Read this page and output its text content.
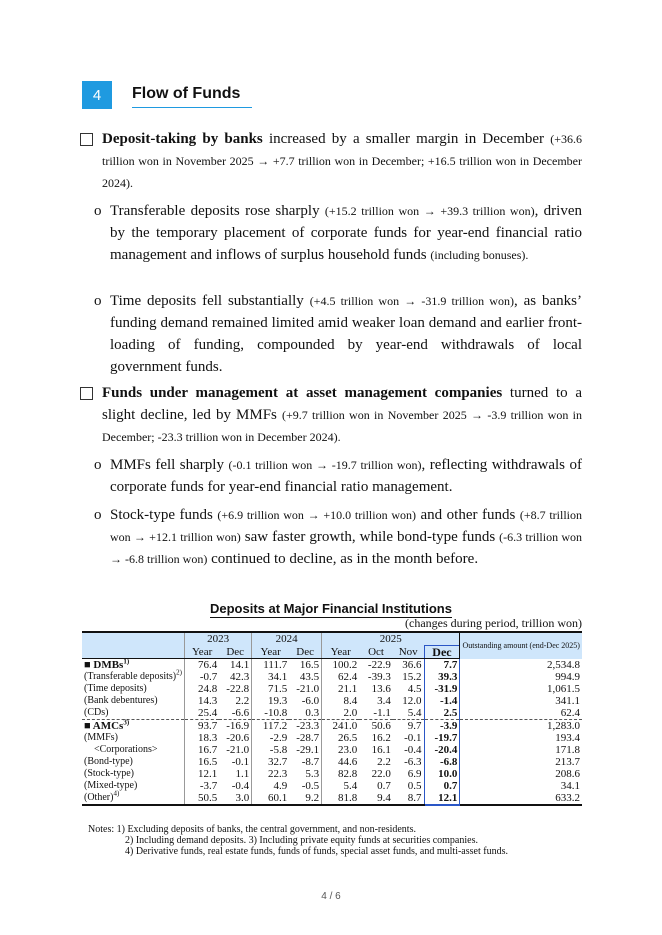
4	Flow of Funds
Deposit-taking by banks increased by a smaller margin in December (+36.6 trillion won in November 2025 → +7.7 trillion won in December; +16.5 trillion won in December 2024).
o Transferable deposits rose sharply (+15.2 trillion won → +39.3 trillion won), driven by the temporary placement of corporate funds for year-end financial ratio management and inflows of surplus household funds (including bonuses).
o Time deposits fell substantially (+4.5 trillion won → -31.9 trillion won), as banks’ funding demand remained limited amid weaker loan demand and earlier front-loading of funding, compounded by year-end withdrawals of local government funds.
Funds under management at asset management companies turned to a slight decline, led by MMFs (+9.7 trillion won in November 2025 → -3.9 trillion won in December; -23.3 trillion won in December 2024).
o MMFs fell sharply (-0.1 trillion won → -19.7 trillion won), reflecting withdrawals of corporate funds for year-end financial ratio management.
o Stock-type funds (+6.9 trillion won → +10.0 trillion won) and other funds (+8.7 trillion won → +12.1 trillion won) saw faster growth, while bond-type funds (-6.3 trillion won → -6.8 trillion won) continued to decline, as in the month before.
Deposits at Major Financial Institutions
(changes during period, trillion won)
	2023		2024		2025				Outstanding amount (end-Dec 2025)
	Year	Dec	Year	Dec	Year	Oct	Nov	Dec	
■ DMBs$^{1)}$	76.4	14.1	111.7	16.5	100.2	-22.9	36.6	7.7	2,534.8
(Transferable deposits)$^{2)}$	-0.7	42.3	34.1	43.5	62.4	-39.3	15.2	39.3	994.9
(Time deposits)	24.8	-22.8	71.5	-21.0	21.1	13.6	4.5	-31.9	1,061.5
(Bank debentures)	14.3	2.2	19.3	-6.0	8.4	3.4	12.0	-1.4	341.1
(CDs)	25.4	-6.6	-10.8	0.3	2.0	-1.1	5.4	2.5	62.4
■ AMCs$^{3)}$	93.7	-16.9	117.2	-23.3	241.0	50.6	9.7	-3.9	1,283.0
(MMFs)	18.3	-20.6	-2.9	-28.7	26.5	16.2	-0.1	-19.7	193.4
<Corporations>	16.7	-21.0	-5.8	-29.1	23.0	16.1	-0.4	-20.4	171.8
(Bond-type)	16.5	-0.1	32.7	-8.7	44.6	2.2	-6.3	-6.8	213.7
(Stock-type)	12.1	1.1	22.3	5.3	82.8	22.0	6.9	10.0	208.6
(Mixed-type)	-3.7	-0.4	4.9	-0.5	5.4	0.7	0.5	0.7	34.1
(Other)$^{4)}$	50.5	3.0	60.1	9.2	81.8	9.4	8.7	12.1	633.2
Notes: 1) Excluding deposits of banks, the central government, and non-residents.
2) Including demand deposits. 3) Including private equity funds at securities companies.
4) Derivative funds, real estate funds, funds of funds, special asset funds, and multi-asset funds.
4 / 6
